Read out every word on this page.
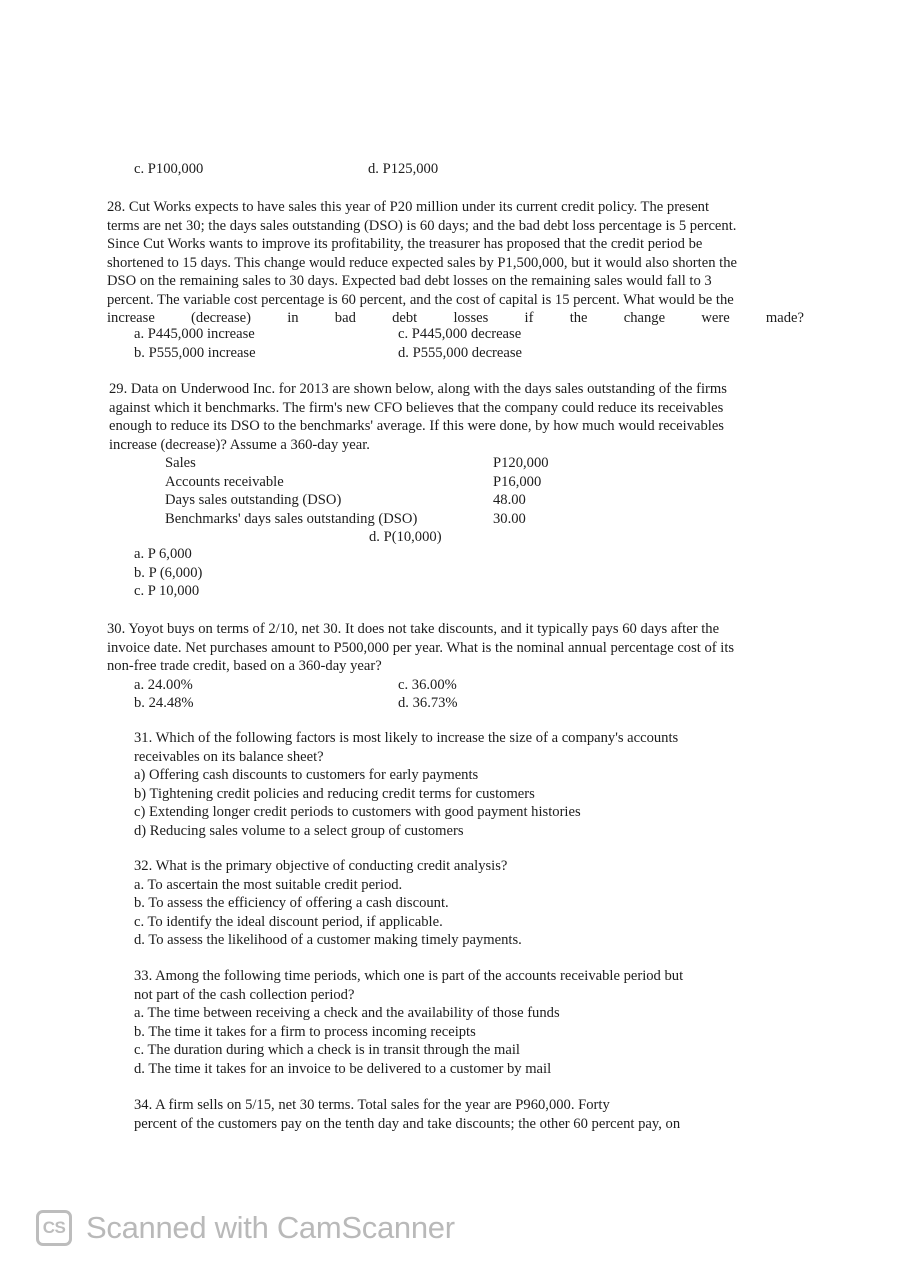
c. P100,000	d. P125,000
28. Cut Works expects to have sales this year of P20 million under its current credit policy. The present
terms are net 30; the days sales outstanding (DSO) is 60 days; and the bad debt loss percentage is 5 percent.
Since Cut Works wants to improve its profitability, the treasurer has proposed that the credit period be
shortened to 15 days. This change would reduce expected sales by P1,500,000, but it would also shorten the
DSO on the remaining sales to 30 days. Expected bad debt losses on the remaining sales would fall to 3
percent. The variable cost percentage is 60 percent, and the cost of capital is 15 percent. What would be the
increase (decrease) in bad debt losses if the change were made?
a. P445,000 increase	c. P445,000 decrease
b. P555,000 increase	d. P555,000 decrease
29. Data on Underwood Inc. for 2013 are shown below, along with the days sales outstanding of the firms
against which it benchmarks. The firm's new CFO believes that the company could reduce its receivables
enough to reduce its DSO to the benchmarks' average. If this were done, by how much would receivables
increase (decrease)? Assume a 360-day year.
Sales	P120,000
Accounts receivable	P16,000
Days sales outstanding (DSO)	48.00
Benchmarks' days sales outstanding (DSO)	30.00
d. P(10,000)
a. P 6,000
b. P (6,000)
c. P 10,000
30. Yoyot buys on terms of 2/10, net 30. It does not take discounts, and it typically pays 60 days after the
invoice date. Net purchases amount to P500,000 per year. What is the nominal annual percentage cost of its
non-free trade credit, based on a 360-day year?
a. 24.00%	c. 36.00%
b. 24.48%	d. 36.73%
31. Which of the following factors is most likely to increase the size of a company's accounts
receivables on its balance sheet?
a) Offering cash discounts to customers for early payments
b) Tightening credit policies and reducing credit terms for customers
c) Extending longer credit periods to customers with good payment histories
d) Reducing sales volume to a select group of customers
32. What is the primary objective of conducting credit analysis?
a. To ascertain the most suitable credit period.
b. To assess the efficiency of offering a cash discount.
c. To identify the ideal discount period, if applicable.
d. To assess the likelihood of a customer making timely payments.
33. Among the following time periods, which one is part of the accounts receivable period but
not part of the cash collection period?
a. The time between receiving a check and the availability of those funds
b. The time it takes for a firm to process incoming receipts
c. The duration during which a check is in transit through the mail
d. The time it takes for an invoice to be delivered to a customer by mail
34. A firm sells on 5/15, net 30 terms. Total sales for the year are P960,000. Forty
percent of the customers pay on the tenth day and take discounts; the other 60 percent pay, on
CS Scanned with CamScanner
